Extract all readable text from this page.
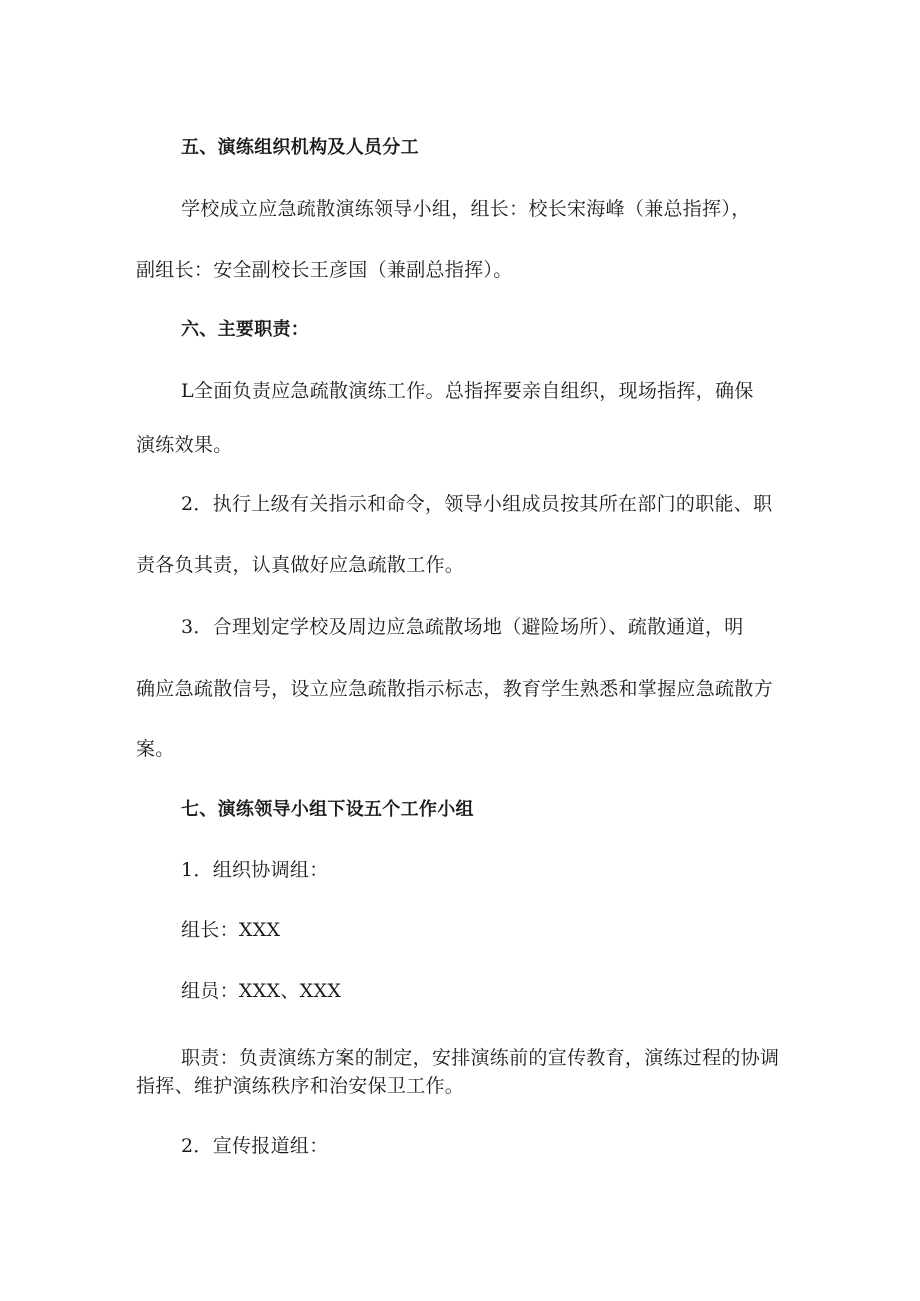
五、演练组织机构及人员分工
学校成立应急疏散演练领导小组，组长：校长宋海峰（兼总指挥），
副组长：安全副校长王彦国（兼副总指挥）。
六、主要职责：
L全面负责应急疏散演练工作。总指挥要亲自组织，现场指挥，确保
演练效果。
2．执行上级有关指示和命令，领导小组成员按其所在部门的职能、职
责各负其责，认真做好应急疏散工作。
3．合理划定学校及周边应急疏散场地（避险场所）、疏散通道，明
确应急疏散信号，设立应急疏散指示标志，教育学生熟悉和掌握应急疏散方
案。
七、演练领导小组下设五个工作小组
1．组织协调组：
组长：XXX
组员：XXX、XXX
职责：负责演练方案的制定，安排演练前的宣传教育，演练过程的协调
指挥、维护演练秩序和治安保卫工作。
2．宣传报道组：
